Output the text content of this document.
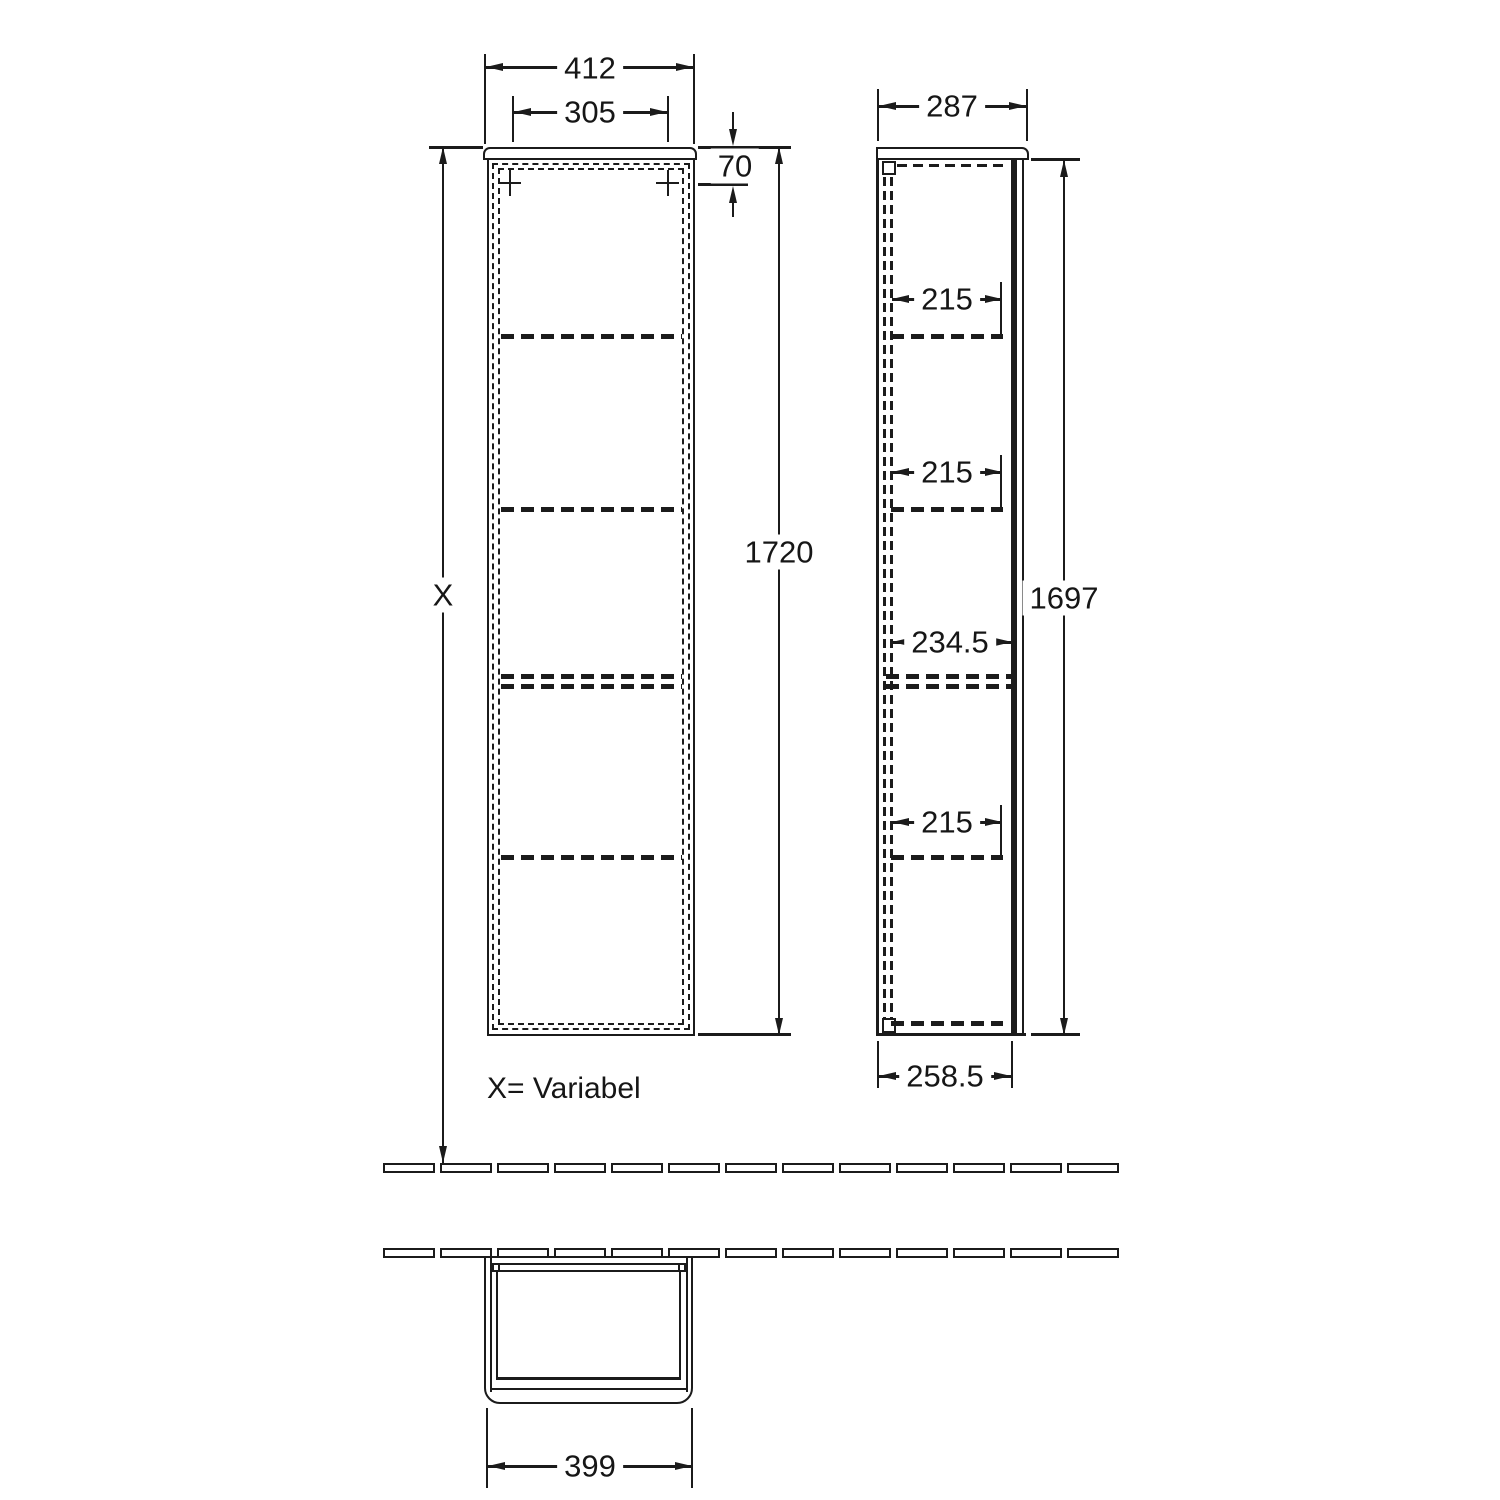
412
305
70
1720
X
X= Variabel
287
215
215
234.5
215
1697
258.5
399
